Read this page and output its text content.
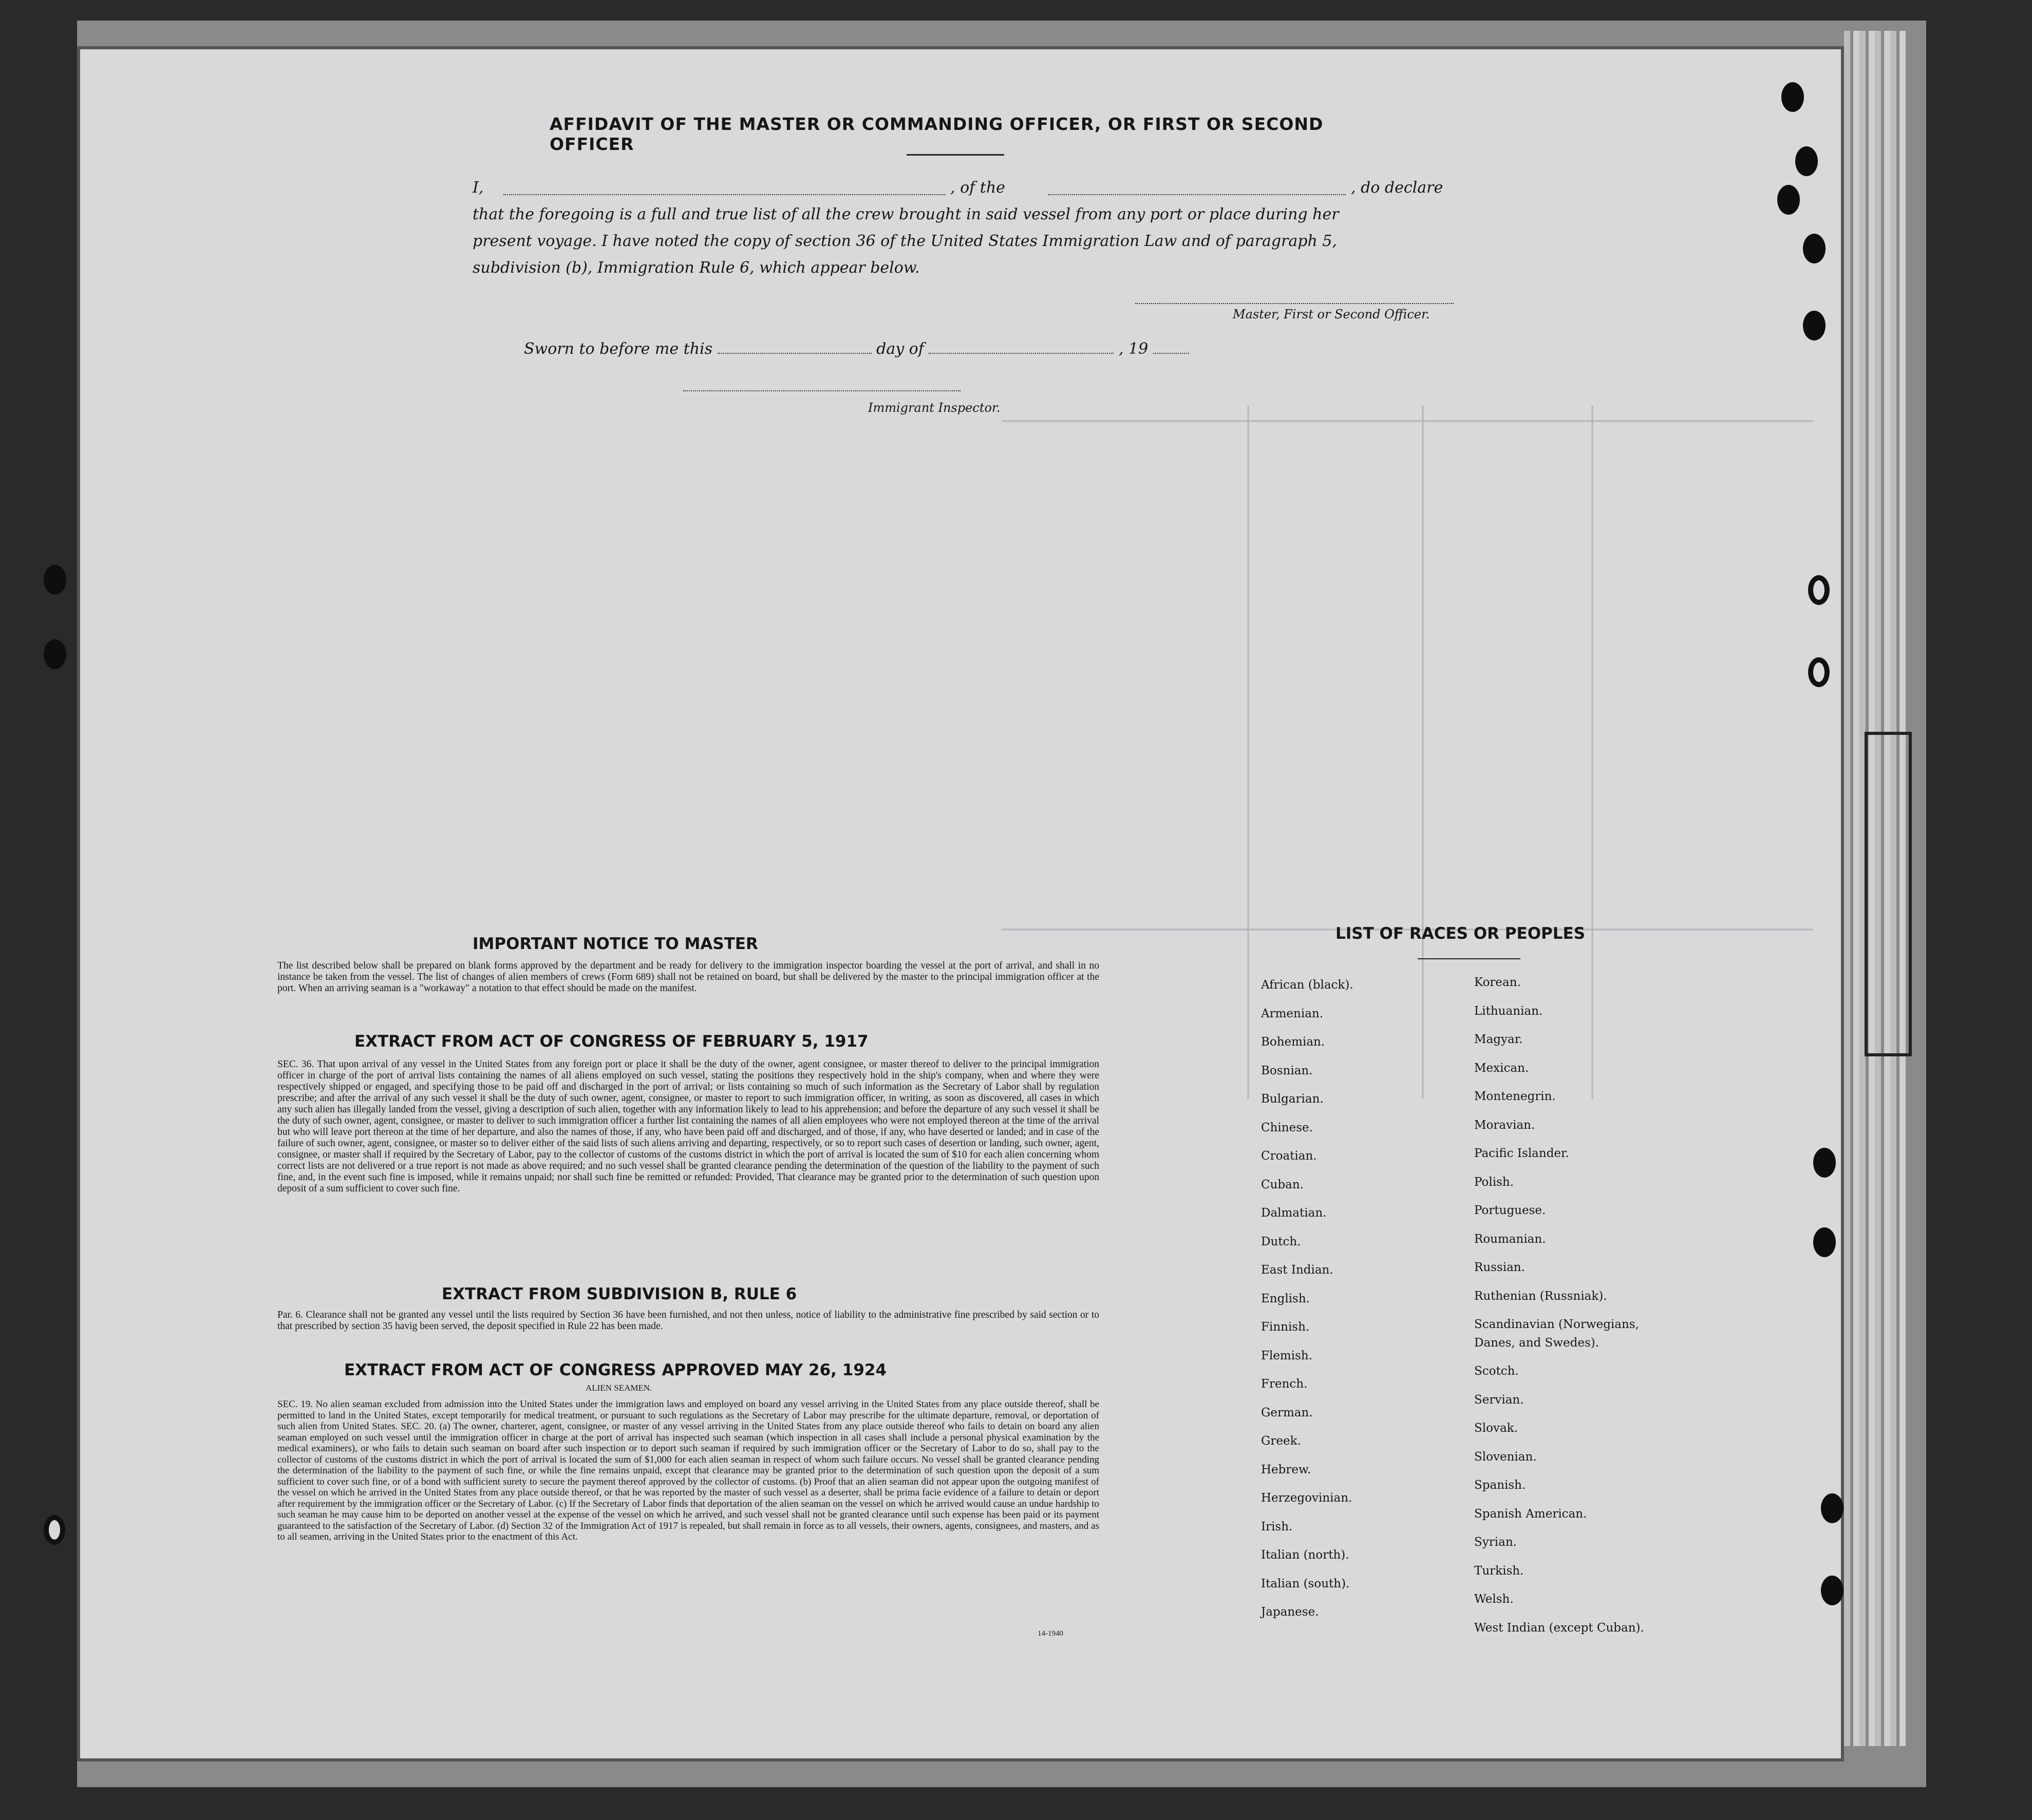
AFFIDAVIT OF THE MASTER OR COMMANDING OFFICER, OR FIRST OR SECOND OFFICER

I,	, of the	, do declare

that the foregoing is a full and true list of all the crew brought in said vessel from any port or place during her

present voyage. I have noted the copy of section 36 of the United States Immigration Law and of paragraph 5,

subdivision (b), Immigration Rule 6, which appear below.

Master, First or Second Officer.
Sworn to before me this	day of	, 19
Immigrant Inspector.
IMPORTANT NOTICE TO MASTER

The list described below shall be prepared on blank forms approved by the department and be ready for delivery to the immigration inspector boarding the vessel at the port of arrival, and shall in no instance be taken from the vessel. The list of changes of alien members of crews (Form 689) shall not be retained on board, but shall be delivered by the master to the principal immigration officer at the port. When an arriving seaman is a "workaway" a notation to that effect should be made on the manifest.

EXTRACT FROM ACT OF CONGRESS OF FEBRUARY 5, 1917

SEC. 36. That upon arrival of any vessel in the United States from any foreign port or place it shall be the duty of the owner, agent consignee, or master thereof to deliver to the principal immigration officer in charge of the port of arrival lists containing the names of all aliens employed on such vessel, stating the positions they respectively hold in the ship's company, when and where they were respectively shipped or engaged, and specifying those to be paid off and discharged in the port of arrival; or lists containing so much of such information as the Secretary of Labor shall by regulation prescribe; and after the arrival of any such vessel it shall be the duty of such owner, agent, consignee, or master to report to such immigration officer, in writing, as soon as discovered, all cases in which any such alien has illegally landed from the vessel, giving a description of such alien, together with any information likely to lead to his apprehension; and before the departure of any such vessel it shall be the duty of such owner, agent, consignee, or master to deliver to such immigration officer a further list containing the names of all alien employees who were not employed thereon at the time of the arrival but who will leave port thereon at the time of her departure, and also the names of those, if any, who have been paid off and discharged, and of those, if any, who have deserted or landed; and in case of the failure of such owner, agent, consignee, or master so to deliver either of the said lists of such aliens arriving and departing, respectively, or so to report such cases of desertion or landing, such owner, agent, consignee, or master shall if required by the Secretary of Labor, pay to the collector of customs of the customs district in which the port of arrival is located the sum of $10 for each alien concerning whom correct lists are not delivered or a true report is not made as above required; and no such vessel shall be granted clearance pending the determination of the question of the liability to the payment of such fine, and, in the event such fine is imposed, while it remains unpaid; nor shall such fine be remitted or refunded: Provided, That clearance may be granted prior to the determination of such question upon deposit of a sum sufficient to cover such fine.

EXTRACT FROM SUBDIVISION B, RULE 6

Par. 6. Clearance shall not be granted any vessel until the lists required by Section 36 have been furnished, and not then unless, notice of liability to the administrative fine prescribed by said section or to that prescribed by section 35 havig been served, the deposit specified in Rule 22 has been made.

EXTRACT FROM ACT OF CONGRESS APPROVED MAY 26, 1924
ALIEN SEAMEN.

SEC. 19. No alien seaman excluded from admission into the United States under the immigration laws and employed on board any vessel arriving in the United States from any place outside thereof, shall be permitted to land in the United States, except temporarily for medical treatment, or pursuant to such regulations as the Secretary of Labor may prescribe for the ultimate departure, removal, or deportation of such alien from United States. SEC. 20. (a) The owner, charterer, agent, consignee, or master of any vessel arriving in the United States from any place outside thereof who fails to detain on board any alien seaman employed on such vessel until the immigration officer in charge at the port of arrival has inspected such seaman (which inspection in all cases shall include a personal physical examination by the medical examiners), or who fails to detain such seaman on board after such inspection or to deport such seaman if required by such immigration officer or the Secretary of Labor to do so, shall pay to the collector of customs of the customs district in which the port of arrival is located the sum of $1,000 for each alien seaman in respect of whom such failure occurs. No vessel shall be granted clearance pending the determination of the liability to the payment of such fine, or while the fine remains unpaid, except that clearance may be granted prior to the determination of such question upon the deposit of a sum sufficient to cover such fine, or of a bond with sufficient surety to secure the payment thereof approved by the collector of customs. (b) Proof that an alien seaman did not appear upon the outgoing manifest of the vessel on which he arrived in the United States from any place outside thereof, or that he was reported by the master of such vessel as a deserter, shall be prima facie evidence of a failure to detain or deport after requirement by the immigration officer or the Secretary of Labor. (c) If the Secretary of Labor finds that deportation of the alien seaman on the vessel on which he arrived would cause an undue hardship to such seaman he may cause him to be deported on another vessel at the expense of the vessel on which he arrived, and such vessel shall not be granted clearance until such expense has been paid or its payment guaranteed to the satisfaction of the Secretary of Labor. (d) Section 32 of the Immigration Act of 1917 is repealed, but shall remain in force as to all vessels, their owners, agents, consignees, and masters, and as to all seamen, arriving in the United States prior to the enactment of this Act.

14-1940
LIST OF RACES OR PEOPLES
African (black).
Armenian.
Bohemian.
Bosnian.
Bulgarian.
Chinese.
Croatian.
Cuban.
Dalmatian.
Dutch.
East Indian.
English.
Finnish.
Flemish.
French.
German.
Greek.
Hebrew.
Herzegovinian.
Irish.
Italian (north).
Italian (south).
Japanese.
Korean.
Lithuanian.
Magyar.
Mexican.
Montenegrin.
Moravian.
Pacific Islander.
Polish.
Portuguese.
Roumanian.
Russian.
Ruthenian (Russniak).
Scandinavian (Norwegians,
Danes, and Swedes).
Scotch.
Servian.
Slovak.
Slovenian.
Spanish.
Spanish American.
Syrian.
Turkish.
Welsh.
West Indian (except Cuban).
